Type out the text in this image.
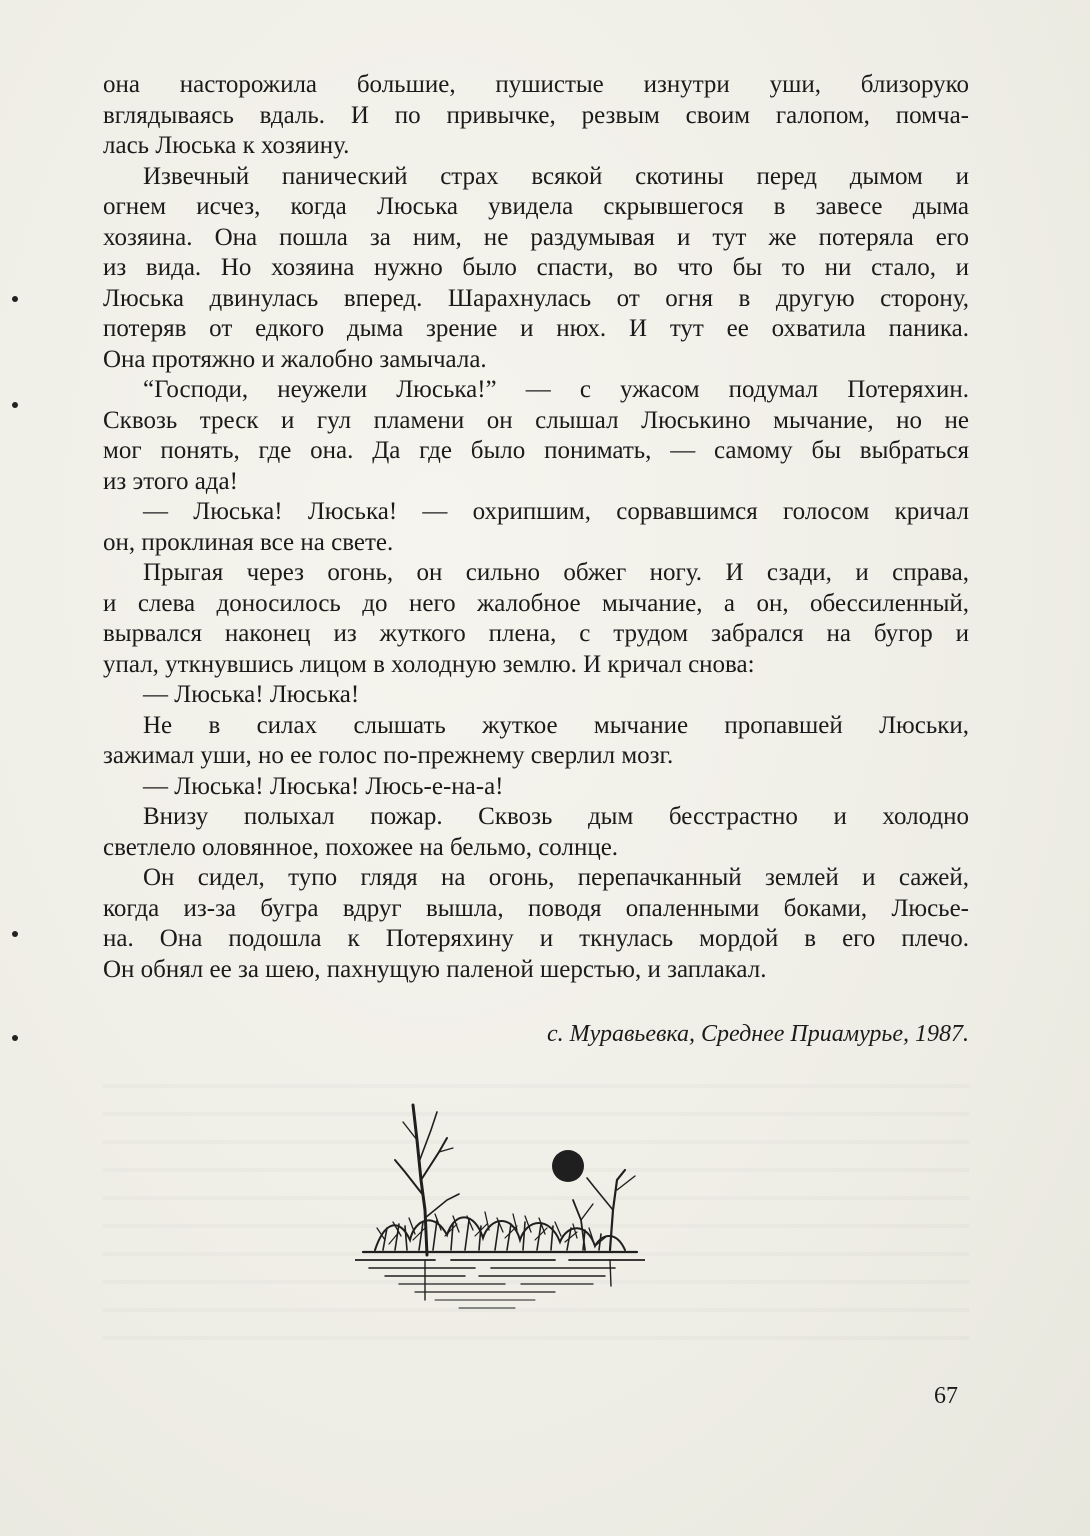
она насторожила большие, пушистые изнутри уши, близоруко
вглядываясь вдаль. И по привычке, резвым своим галопом, помча-
лась Люська к хозяину.
Извечный панический страх всякой скотины перед дымом и
огнем исчез, когда Люська увидела скрывшегося в завесе дыма
хозяина. Она пошла за ним, не раздумывая и тут же потеряла его
из вида. Но хозяина нужно было спасти, во что бы то ни стало, и
Люська двинулась вперед. Шарахнулась от огня в другую сторону,
потеряв от едкого дыма зрение и нюх. И тут ее охватила паника.
Она протяжно и жалобно замычала.
“Господи, неужели Люська!” — с ужасом подумал Потеряхин.
Сквозь треск и гул пламени он слышал Люськино мычание, но не
мог понять, где она. Да где было понимать, — самому бы выбраться
из этого ада!
— Люська! Люська! — охрипшим, сорвавшимся голосом кричал
он, проклиная все на свете.
Прыгая через огонь, он сильно обжег ногу. И сзади, и справа,
и слева доносилось до него жалобное мычание, а он, обессиленный,
вырвался наконец из жуткого плена, с трудом забрался на бугор и
упал, уткнувшись лицом в холодную землю. И кричал снова:
— Люська! Люська!
Не в силах слышать жуткое мычание пропавшей Люськи,
зажимал уши, но ее голос по-прежнему сверлил мозг.
— Люська! Люська! Люсь-е-на-а!
Внизу полыхал пожар. Сквозь дым бесстрастно и холодно
светлело оловянное, похожее на бельмо, солнце.
Он сидел, тупо глядя на огонь, перепачканный землей и сажей,
когда из-за бугра вдруг вышла, поводя опаленными боками, Люсье-
на. Она подошла к Потеряхину и ткнулась мордой в его плечо.
Он обнял ее за шею, пахнущую паленой шерстью, и заплакал.
с. Муравьевка, Среднее Приамурье, 1987.
67
